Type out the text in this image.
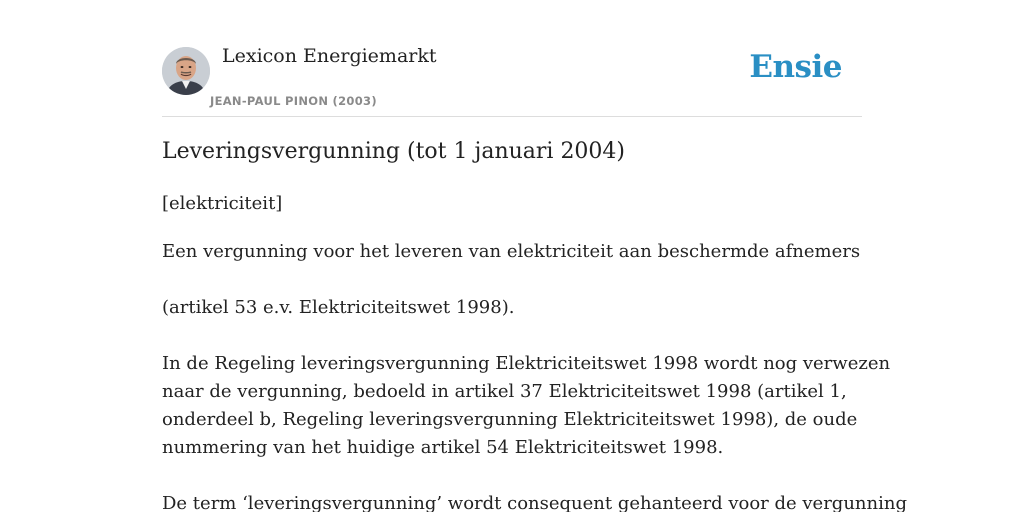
Lexicon Energiemarkt
JEAN-PAUL PINON (2003)
Ensie
Leveringsvergunning (tot 1 januari 2004)
[elektriciteit]

Een vergunning voor het leveren van elektriciteit aan beschermde afnemers

(artikel 53 e.v. Elektriciteitswet 1998).

In de Regeling leveringsvergunning Elektriciteitswet 1998 wordt nog verwezen
naar de vergunning, bedoeld in artikel 37 Elektriciteitswet 1998 (artikel 1,
onderdeel b, Regeling leveringsvergunning Elektriciteitswet 1998), de oude
nummering van het huidige artikel 54 Elektriciteitswet 1998.

De term ‘leveringsvergunning’ wordt consequent gehanteerd voor de vergunning
